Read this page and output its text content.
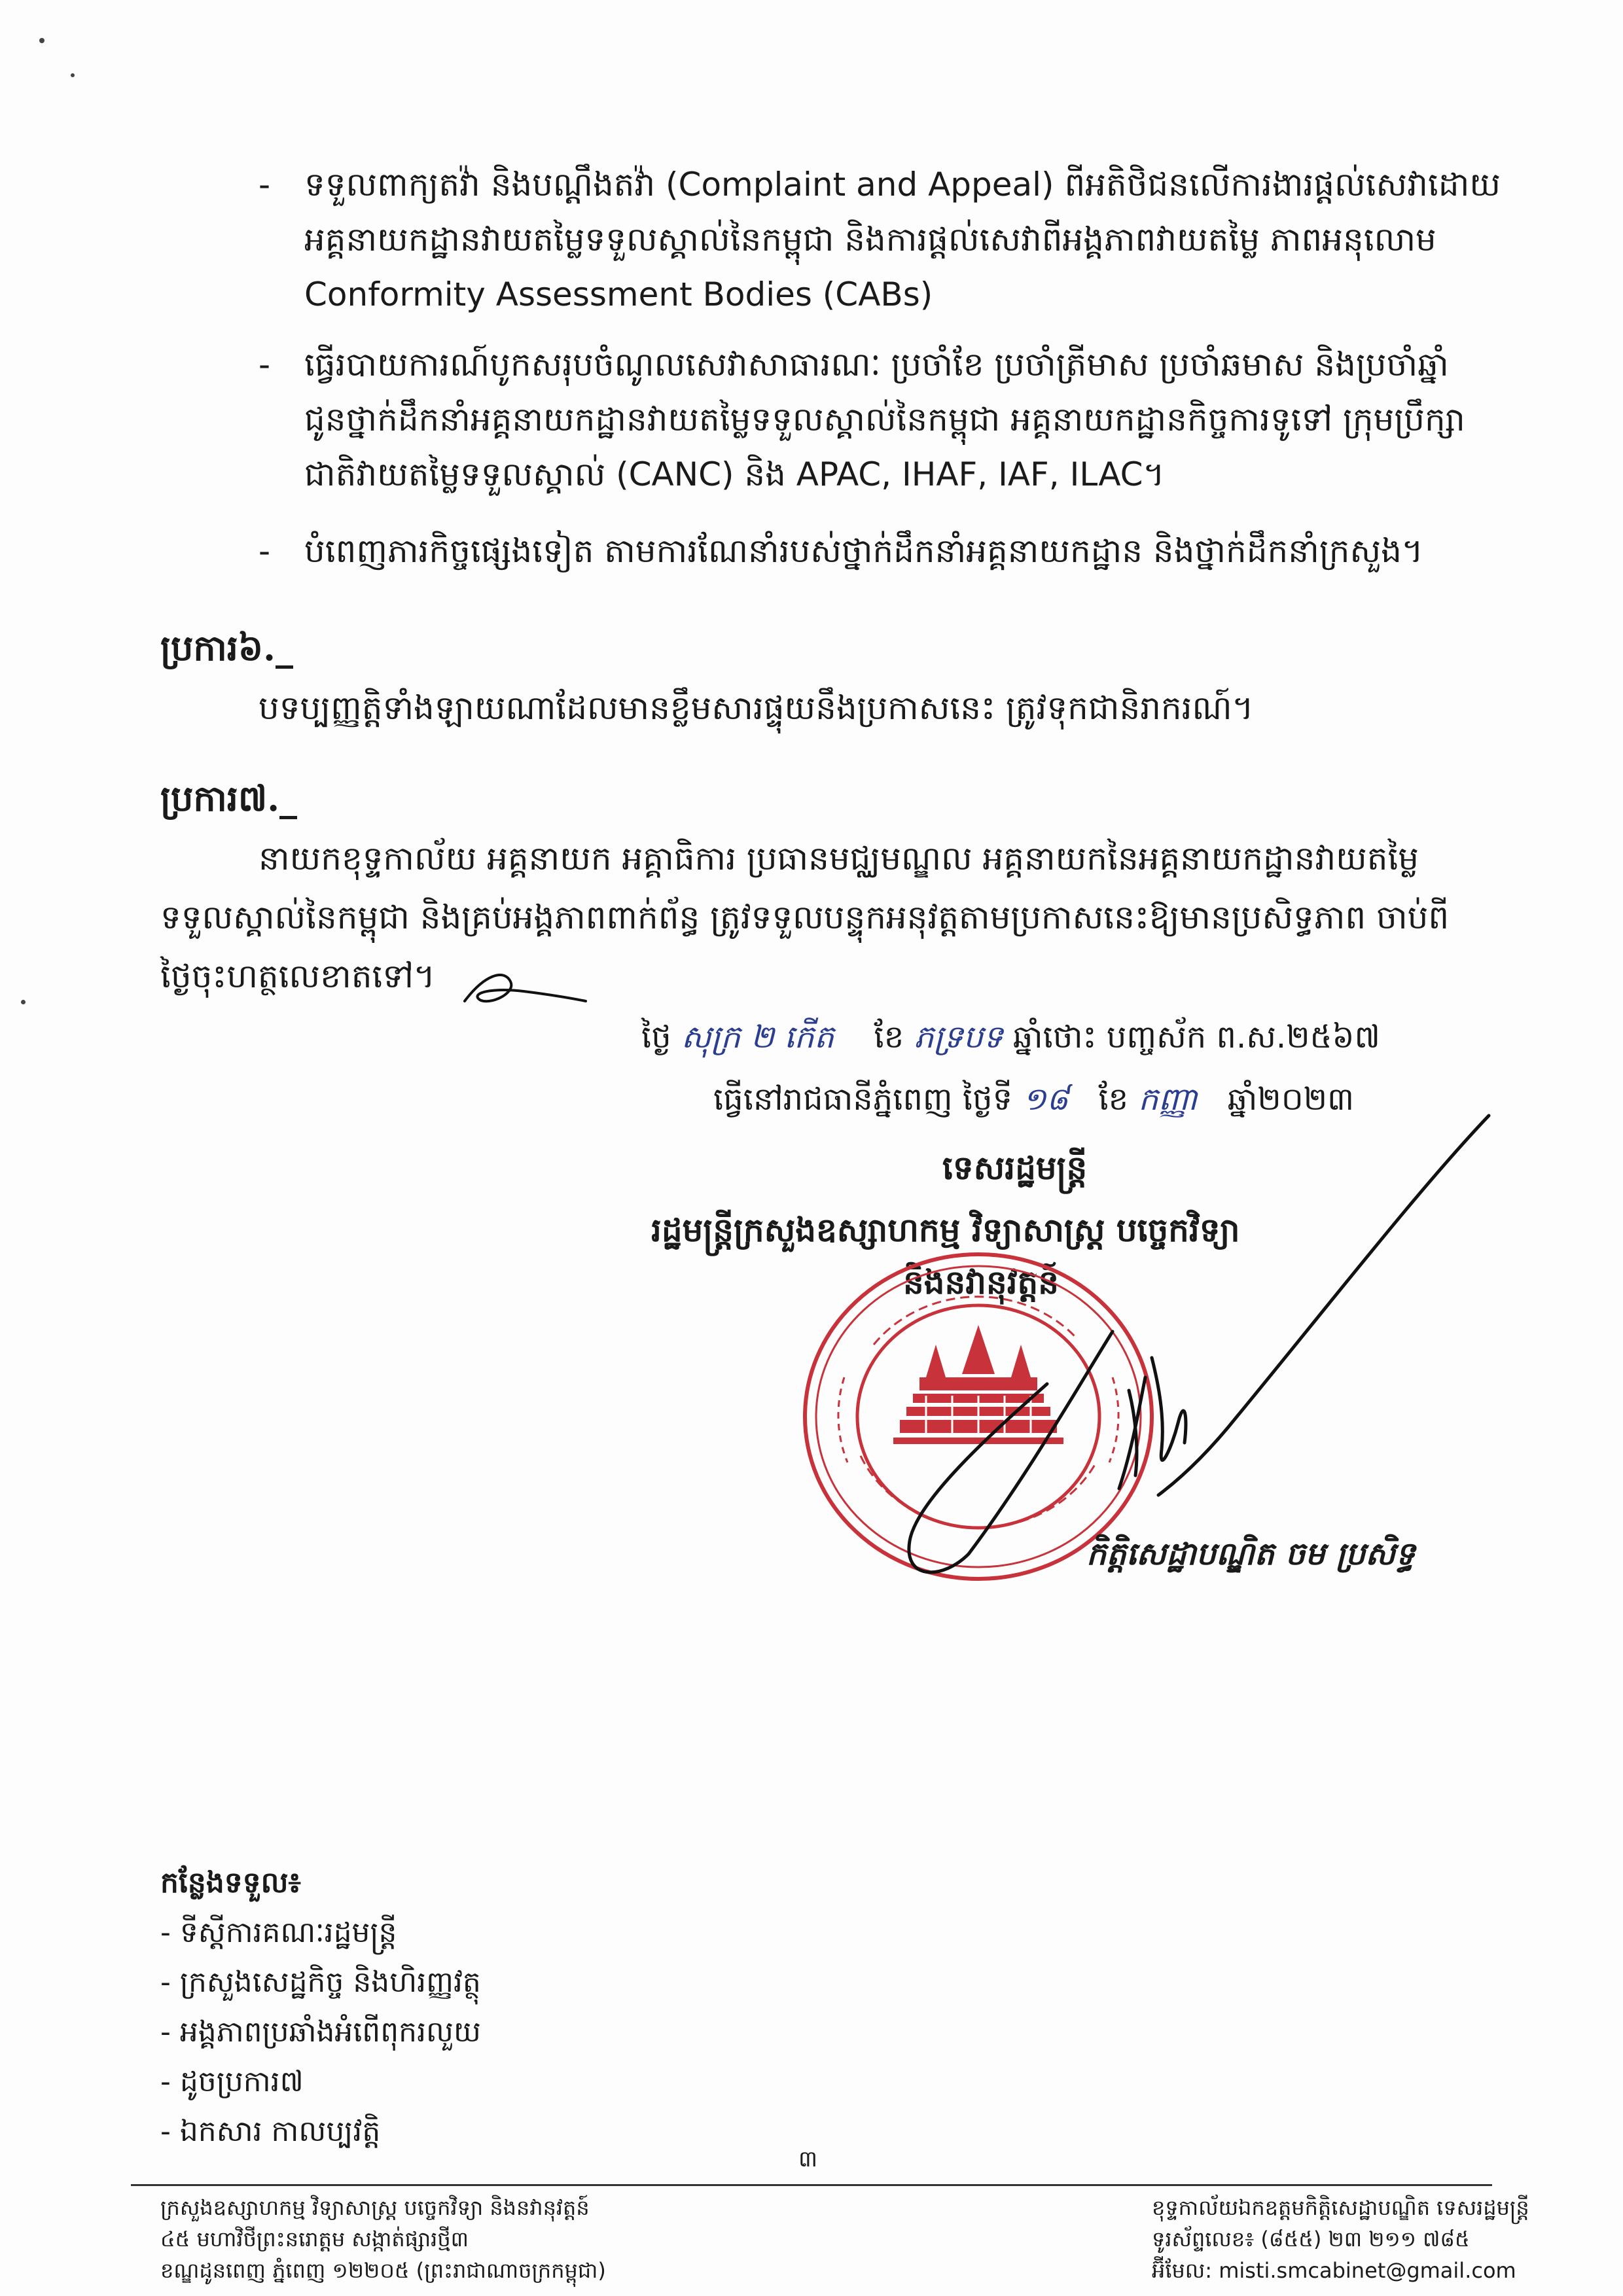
-	ទទួលពាក្យតវ៉ា និងបណ្ដឹងតវ៉ា (Complaint and Appeal) ពីអតិថិជនលើការងារផ្ដល់សេវាដោយ
អគ្គនាយកដ្ឋានវាយតម្លៃទទួលស្គាល់នៃកម្ពុជា និងការផ្ដល់សេវាពីអង្គភាពវាយតម្លៃ ភាពអនុលោម
Conformity Assessment Bodies (CABs)
-	ធ្វើរបាយការណ៍បូកសរុបចំណូលសេវាសាធារណៈ ប្រចាំខែ ប្រចាំត្រីមាស ប្រចាំឆមាស និងប្រចាំឆ្នាំ
ជូនថ្នាក់ដឹកនាំអគ្គនាយកដ្ឋានវាយតម្លៃទទួលស្គាល់នៃកម្ពុជា អគ្គនាយកដ្ឋានកិច្ចការទូទៅ ក្រុមប្រឹក្សា
ជាតិវាយតម្លៃទទួលស្គាល់ (CANC) និង APAC, IHAF, IAF, ILAC។
-	បំពេញភារកិច្ចផ្សេងទៀត តាមការណែនាំរបស់ថ្នាក់ដឹកនាំអគ្គនាយកដ្ឋាន និងថ្នាក់ដឹកនាំក្រសួង។
ប្រការ៦._
បទប្បញ្ញត្តិទាំងឡាយណាដែលមានខ្លឹមសារផ្ទុយនឹងប្រកាសនេះ ត្រូវទុកជានិរាករណ៍។
ប្រការ៧._
នាយកខុទ្ទកាល័យ អគ្គនាយក អគ្គាធិការ ប្រធានមជ្ឈមណ្ឌល អគ្គនាយកនៃអគ្គនាយកដ្ឋានវាយតម្លៃ
ទទួលស្គាល់នៃកម្ពុជា និងគ្រប់អង្គភាពពាក់ព័ន្ធ ត្រូវទទួលបន្ទុកអនុវត្តតាមប្រកាសនេះឱ្យមានប្រសិទ្ធភាព ចាប់ពី
ថ្ងៃចុះហត្ថលេខាតទៅ។
ថ្ងៃ សុក្រ ២ កើត ខែ ភទ្របទ ឆ្នាំថោះ បញ្ចស័ក ព.ស.២៥៦៧
ធ្វើនៅរាជធានីភ្នំពេញ ថ្ងៃទី ១៨ ខែ កញ្ញា ឆ្នាំ២០២៣
ទេសរដ្ឋមន្ត្រី
រដ្ឋមន្ត្រីក្រសួងឧស្សាហកម្ម វិទ្យាសាស្ត្រ បច្ចេកវិទ្យា
និងនវានុវត្តន៍
កិត្តិសេដ្ឋាបណ្ឌិត ចម ប្រសិទ្ធ
កន្លែងទទួល៖
- ទីស្ដីការគណៈរដ្ឋមន្ត្រី
- ក្រសួងសេដ្ឋកិច្ច និងហិរញ្ញវត្ថុ
- អង្គភាពប្រឆាំងអំពើពុករលួយ
- ដូចប្រការ៧
- ឯកសារ កាលប្បវត្តិ
៣
ក្រសួងឧស្សាហកម្ម វិទ្យាសាស្ត្រ បច្ចេកវិទ្យា និងនវានុវត្តន៍
៤៥ មហាវិថីព្រះនរោត្តម សង្កាត់ផ្សារថ្មី៣
ខណ្ឌដូនពេញ ភ្នំពេញ ១២២០៥ (ព្រះរាជាណាចក្រកម្ពុជា)
ខុទ្ទកាល័យឯកឧត្តមកិត្តិសេដ្ឋាបណ្ឌិត ទេសរដ្ឋមន្ត្រី
ទូរស័ព្ទលេខ៖ (៨៥៥) ២៣ ២១១ ៧៨៥
អ៊ីមែល: misti.smcabinet@gmail.com
